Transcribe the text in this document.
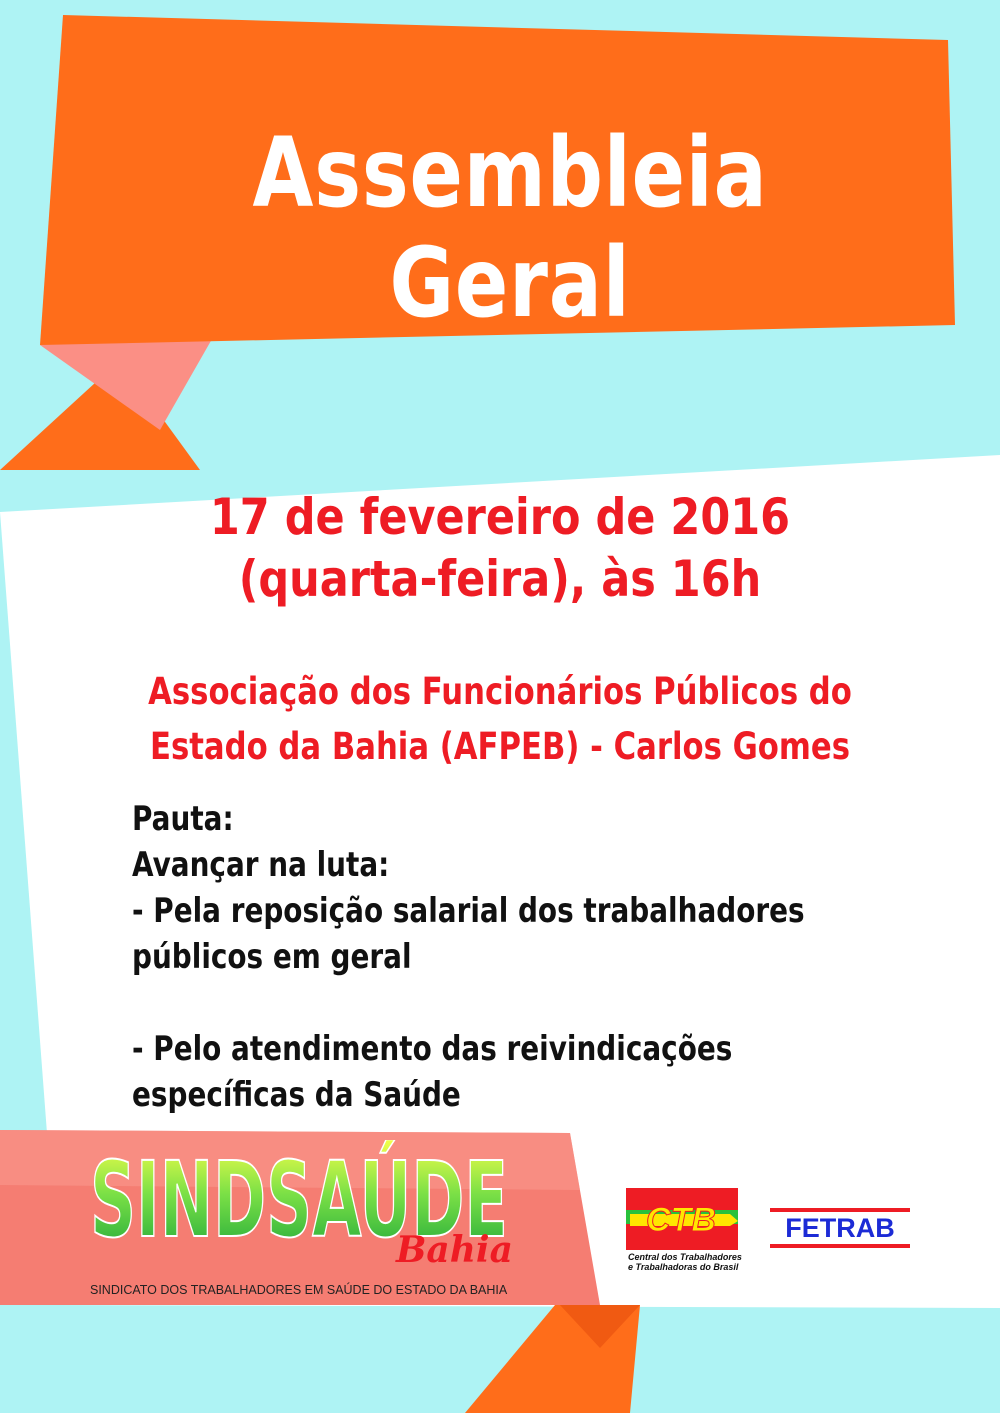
Assembleia Geral
17 de fevereiro de 2016
(quarta-feira), às 16h
Associação dos Funcionários Públicos do
Estado da Bahia (AFPEB) - Carlos Gomes
Pauta:
Avançar na luta:
- Pela reposição salarial dos trabalhadores
públicos em geral
- Pelo atendimento das reivindicações
específicas da Saúde
SINDSAÚDE
Bahia
SINDICATO DOS TRABALHADORES EM SAÚDE DO ESTADO DA BAHIA
CTB
Central dos Trabalhadores
e Trabalhadoras do Brasil
FETRAB
